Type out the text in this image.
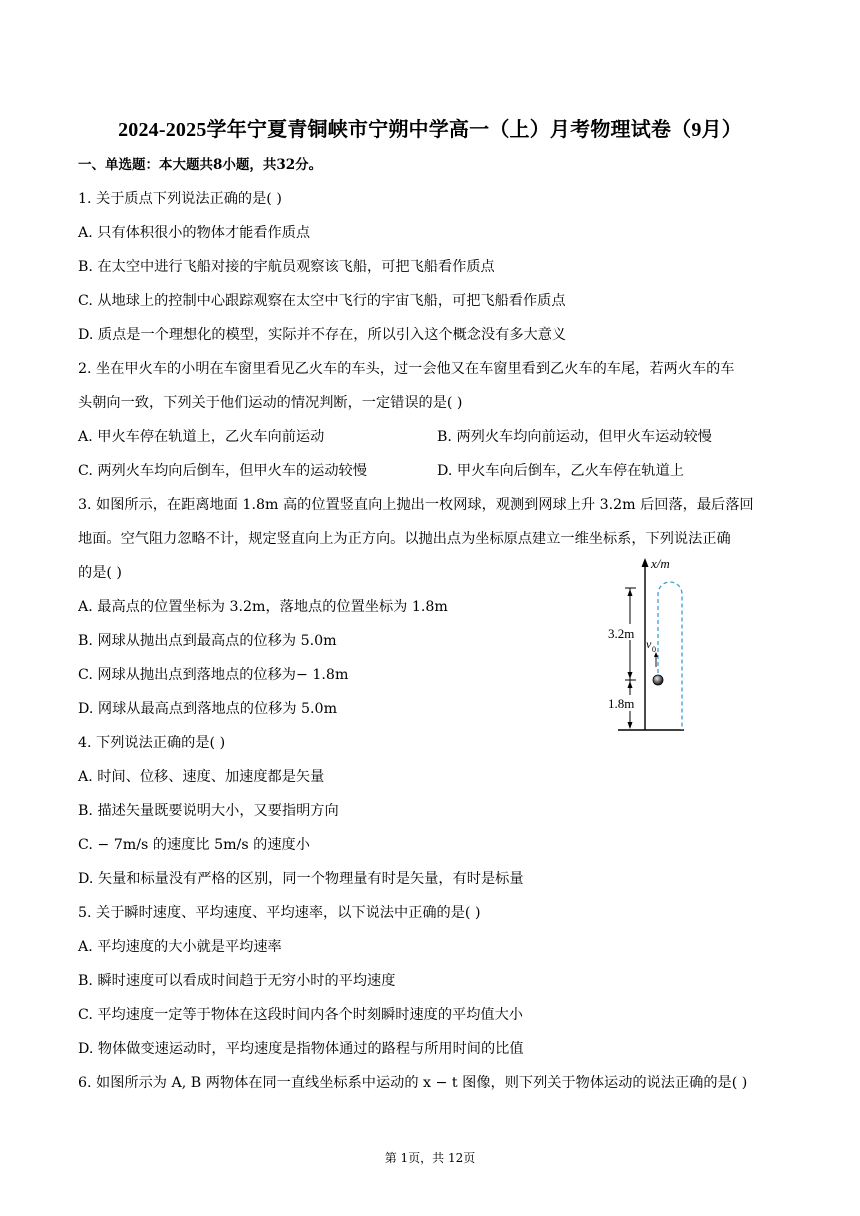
2024-2025学年宁夏青铜峡市宁朔中学高一（上）月考物理试卷（9月）
一、单选题：本大题共8小题，共32分。
1. 关于质点下列说法正确的是( )
A. 只有体积很小的物体才能看作质点
B. 在太空中进行飞船对接的宇航员观察该飞船，可把飞船看作质点
C. 从地球上的控制中心跟踪观察在太空中飞行的宇宙飞船，可把飞船看作质点
D. 质点是一个理想化的模型，实际并不存在，所以引入这个概念没有多大意义
2. 坐在甲火车的小明在车窗里看见乙火车的车头，过一会他又在车窗里看到乙火车的车尾，若两火车的车
头朝向一致，下列关于他们运动的情况判断，一定错误的是( )
A. 甲火车停在轨道上，乙火车向前运动	B. 两列火车均向前运动，但甲火车运动较慢
C. 两列火车均向后倒车，但甲火车的运动较慢	D. 甲火车向后倒车，乙火车停在轨道上
3. 如图所示，在距离地面 1.8m 高的位置竖直向上抛出一枚网球，观测到网球上升 3.2m 后回落，最后落回
地面。空气阻力忽略不计，规定竖直向上为正方向。以抛出点为坐标原点建立一维坐标系，下列说法正确
的是( )
A. 最高点的位置坐标为 3.2m，落地点的位置坐标为 1.8m
B. 网球从抛出点到最高点的位移为 5.0m
C. 网球从抛出点到落地点的位移为− 1.8m
D. 网球从最高点到落地点的位移为 5.0m
x/m
v 0
3.2m
1.8m
4. 下列说法正确的是( )
A. 时间、位移、速度、加速度都是矢量
B. 描述矢量既要说明大小，又要指明方向
C. − 7m/s 的速度比 5m/s 的速度小
D. 矢量和标量没有严格的区别，同一个物理量有时是矢量，有时是标量
5. 关于瞬时速度、平均速度、平均速率，以下说法中正确的是( )
A. 平均速度的大小就是平均速率
B. 瞬时速度可以看成时间趋于无穷小时的平均速度
C. 平均速度一定等于物体在这段时间内各个时刻瞬时速度的平均值大小
D. 物体做变速运动时，平均速度是指物体通过的路程与所用时间的比值
6. 如图所示为 A, B 两物体在同一直线坐标系中运动的 x − t 图像，则下列关于物体运动的说法正确的是( )
第 1页，共 12页
